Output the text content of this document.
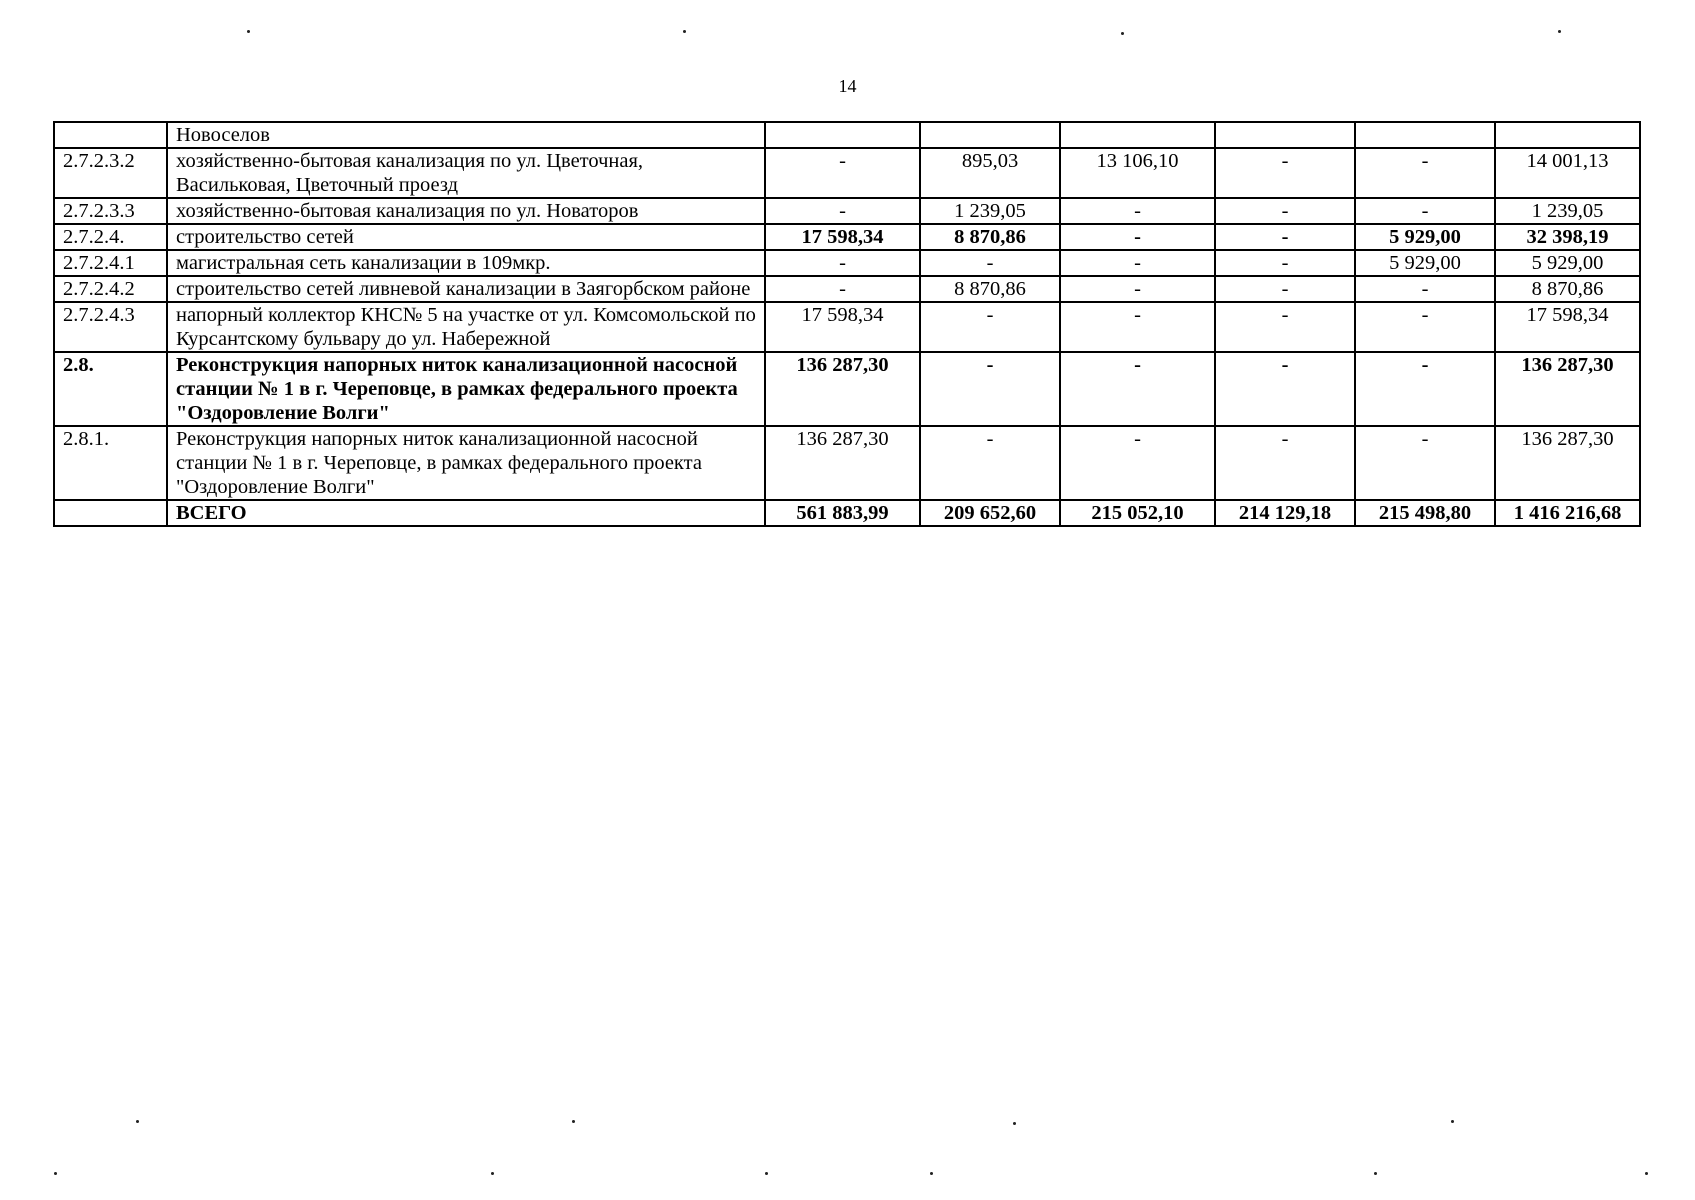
14
	Новоселов						
2.7.2.3.2	хозяйственно-бытовая канализация по ул. Цветочная, Васильковая, Цветочный проезд	-	895,03	13 106,10	-	-	14 001,13
2.7.2.3.3	хозяйственно-бытовая канализация по ул. Новаторов	-	1 239,05	-	-	-	1 239,05
2.7.2.4.	строительство сетей	17 598,34	8 870,86	-	-	5 929,00	32 398,19
2.7.2.4.1	магистральная сеть канализации в 109мкр.	-	-	-	-	5 929,00	5 929,00
2.7.2.4.2	строительство сетей ливневой канализации в Заягорбском районе	-	8 870,86	-	-	-	8 870,86
2.7.2.4.3	напорный коллектор КНС№ 5 на участке от ул. Комсомольской по Курсантскому бульвару до ул. Набережной	17 598,34	-	-	-	-	17 598,34
2.8.	Реконструкция напорных ниток канализационной насосной станции № 1 в г. Череповце, в рамках федерального проекта "Оздоровление Волги"	136 287,30	-	-	-	-	136 287,30
2.8.1.	Реконструкция напорных ниток канализационной насосной станции № 1 в г. Череповце, в рамках федерального проекта "Оздоровление Волги"	136 287,30	-	-	-	-	136 287,30
	ВСЕГО	561 883,99	209 652,60	215 052,10	214 129,18	215 498,80	1 416 216,68
